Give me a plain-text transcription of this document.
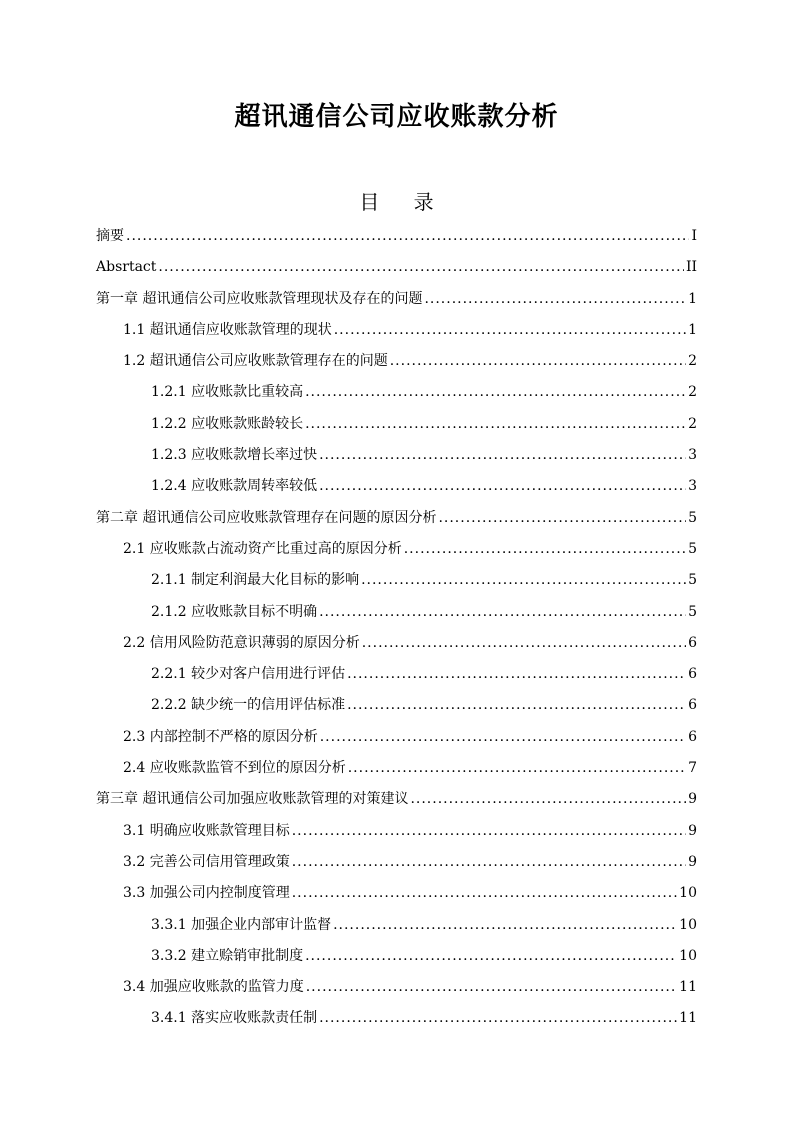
超讯通信公司应收账款分析
目 录
摘要 .....	I
Absrtact .....	II
第一章 超讯通信公司应收账款管理现状及存在的问题 .....	1
1.1 超讯通信应收账款管理的现状 .....	1
1.2 超讯通信公司应收账款管理存在的问题 .....	2
1.2.1 应收账款比重较高 .....	2
1.2.2 应收账款账龄较长 .....	2
1.2.3 应收账款增长率过快 .....	3
1.2.4 应收账款周转率较低 .....	3
第二章 超讯通信公司应收账款管理存在问题的原因分析 .....	5
2.1 应收账款占流动资产比重过高的原因分析 .....	5
2.1.1 制定利润最大化目标的影响 .....	5
2.1.2 应收账款目标不明确 .....	5
2.2 信用风险防范意识薄弱的原因分析 .....	6
2.2.1 较少对客户信用进行评估 .....	6
2.2.2 缺少统一的信用评估标准 .....	6
2.3 内部控制不严格的原因分析 .....	6
2.4 应收账款监管不到位的原因分析 .....	7
第三章 超讯通信公司加强应收账款管理的对策建议 .....	9
3.1 明确应收账款管理目标 .....	9
3.2 完善公司信用管理政策 .....	9
3.3 加强公司内控制度管理 .....	10
3.3.1 加强企业内部审计监督 .....	10
3.3.2 建立赊销审批制度 .....	10
3.4 加强应收账款的监管力度 .....	11
3.4.1 落实应收账款责任制 .....	11
